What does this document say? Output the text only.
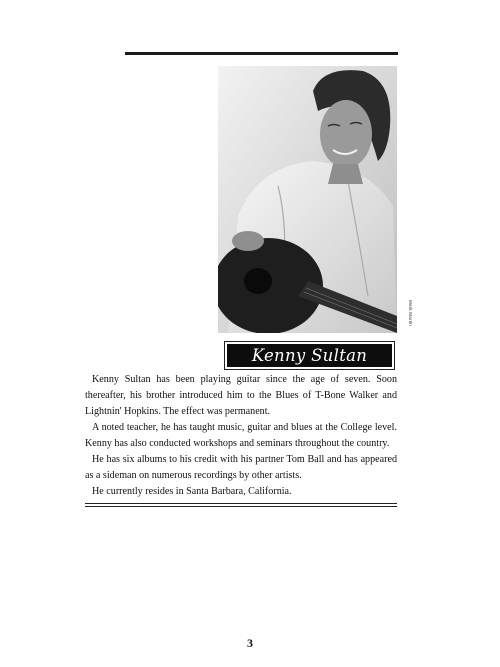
Mark Martin
Kenny Sultan

Kenny Sultan has been playing guitar since the age of seven. Soon thereafter, his brother introduced him to the Blues of T-Bone Walker and Lightnin' Hopkins. The effect was permanent.

A noted teacher, he has taught music, guitar and blues at the College level. Kenny has also conducted workshops and seminars throughout the country.

He has six albums to his credit with his partner Tom Ball and has appeared as a sideman on numerous recordings by other artists.

He currently resides in Santa Barbara, California.

3
